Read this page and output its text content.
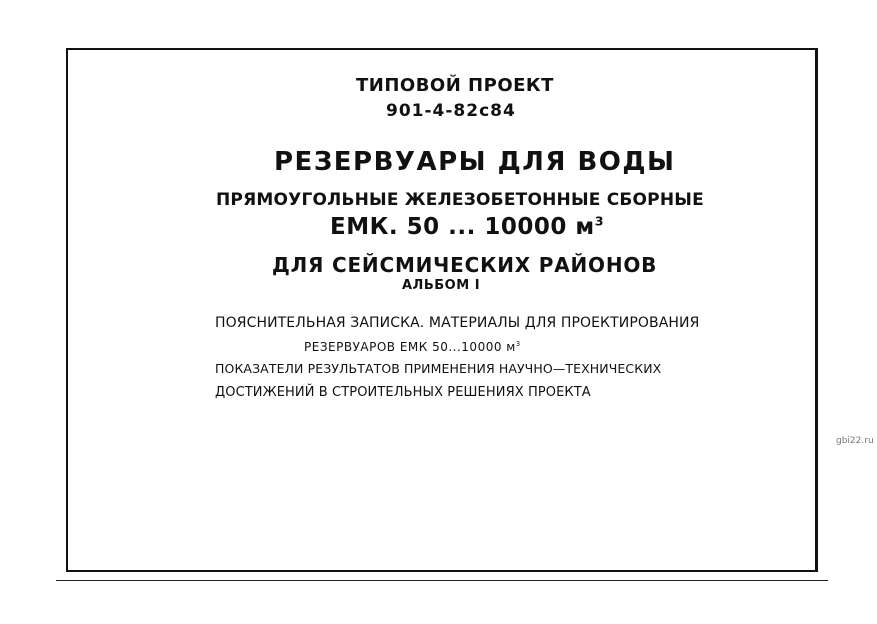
ТИПОВОЙ ПРОЕКТ
901-4-82с84
РЕЗЕРВУАРЫ ДЛЯ ВОДЫ
ПРЯМОУГОЛЬНЫЕ ЖЕЛЕЗОБЕТОННЫЕ СБОРНЫЕ
ЕМК. 50 ... 10000 $м^3$
ДЛЯ СЕЙСМИЧЕСКИХ РАЙОНОВ
АЛЬБОМ I
ПОЯСНИТЕЛЬНАЯ ЗАПИСКА. МАТЕРИАЛЫ ДЛЯ ПРОЕКТИРОВАНИЯ
РЕЗЕРВУАРОВ ЕМК 50...10000 $м^3$
ПОКАЗАТЕЛИ РЕЗУЛЬТАТОВ ПРИМЕНЕНИЯ НАУЧНО—ТЕХНИЧЕСКИХ
ДОСТИЖЕНИЙ В СТРОИТЕЛЬНЫХ РЕШЕНИЯХ ПРОЕКТА
gbi22.ru
